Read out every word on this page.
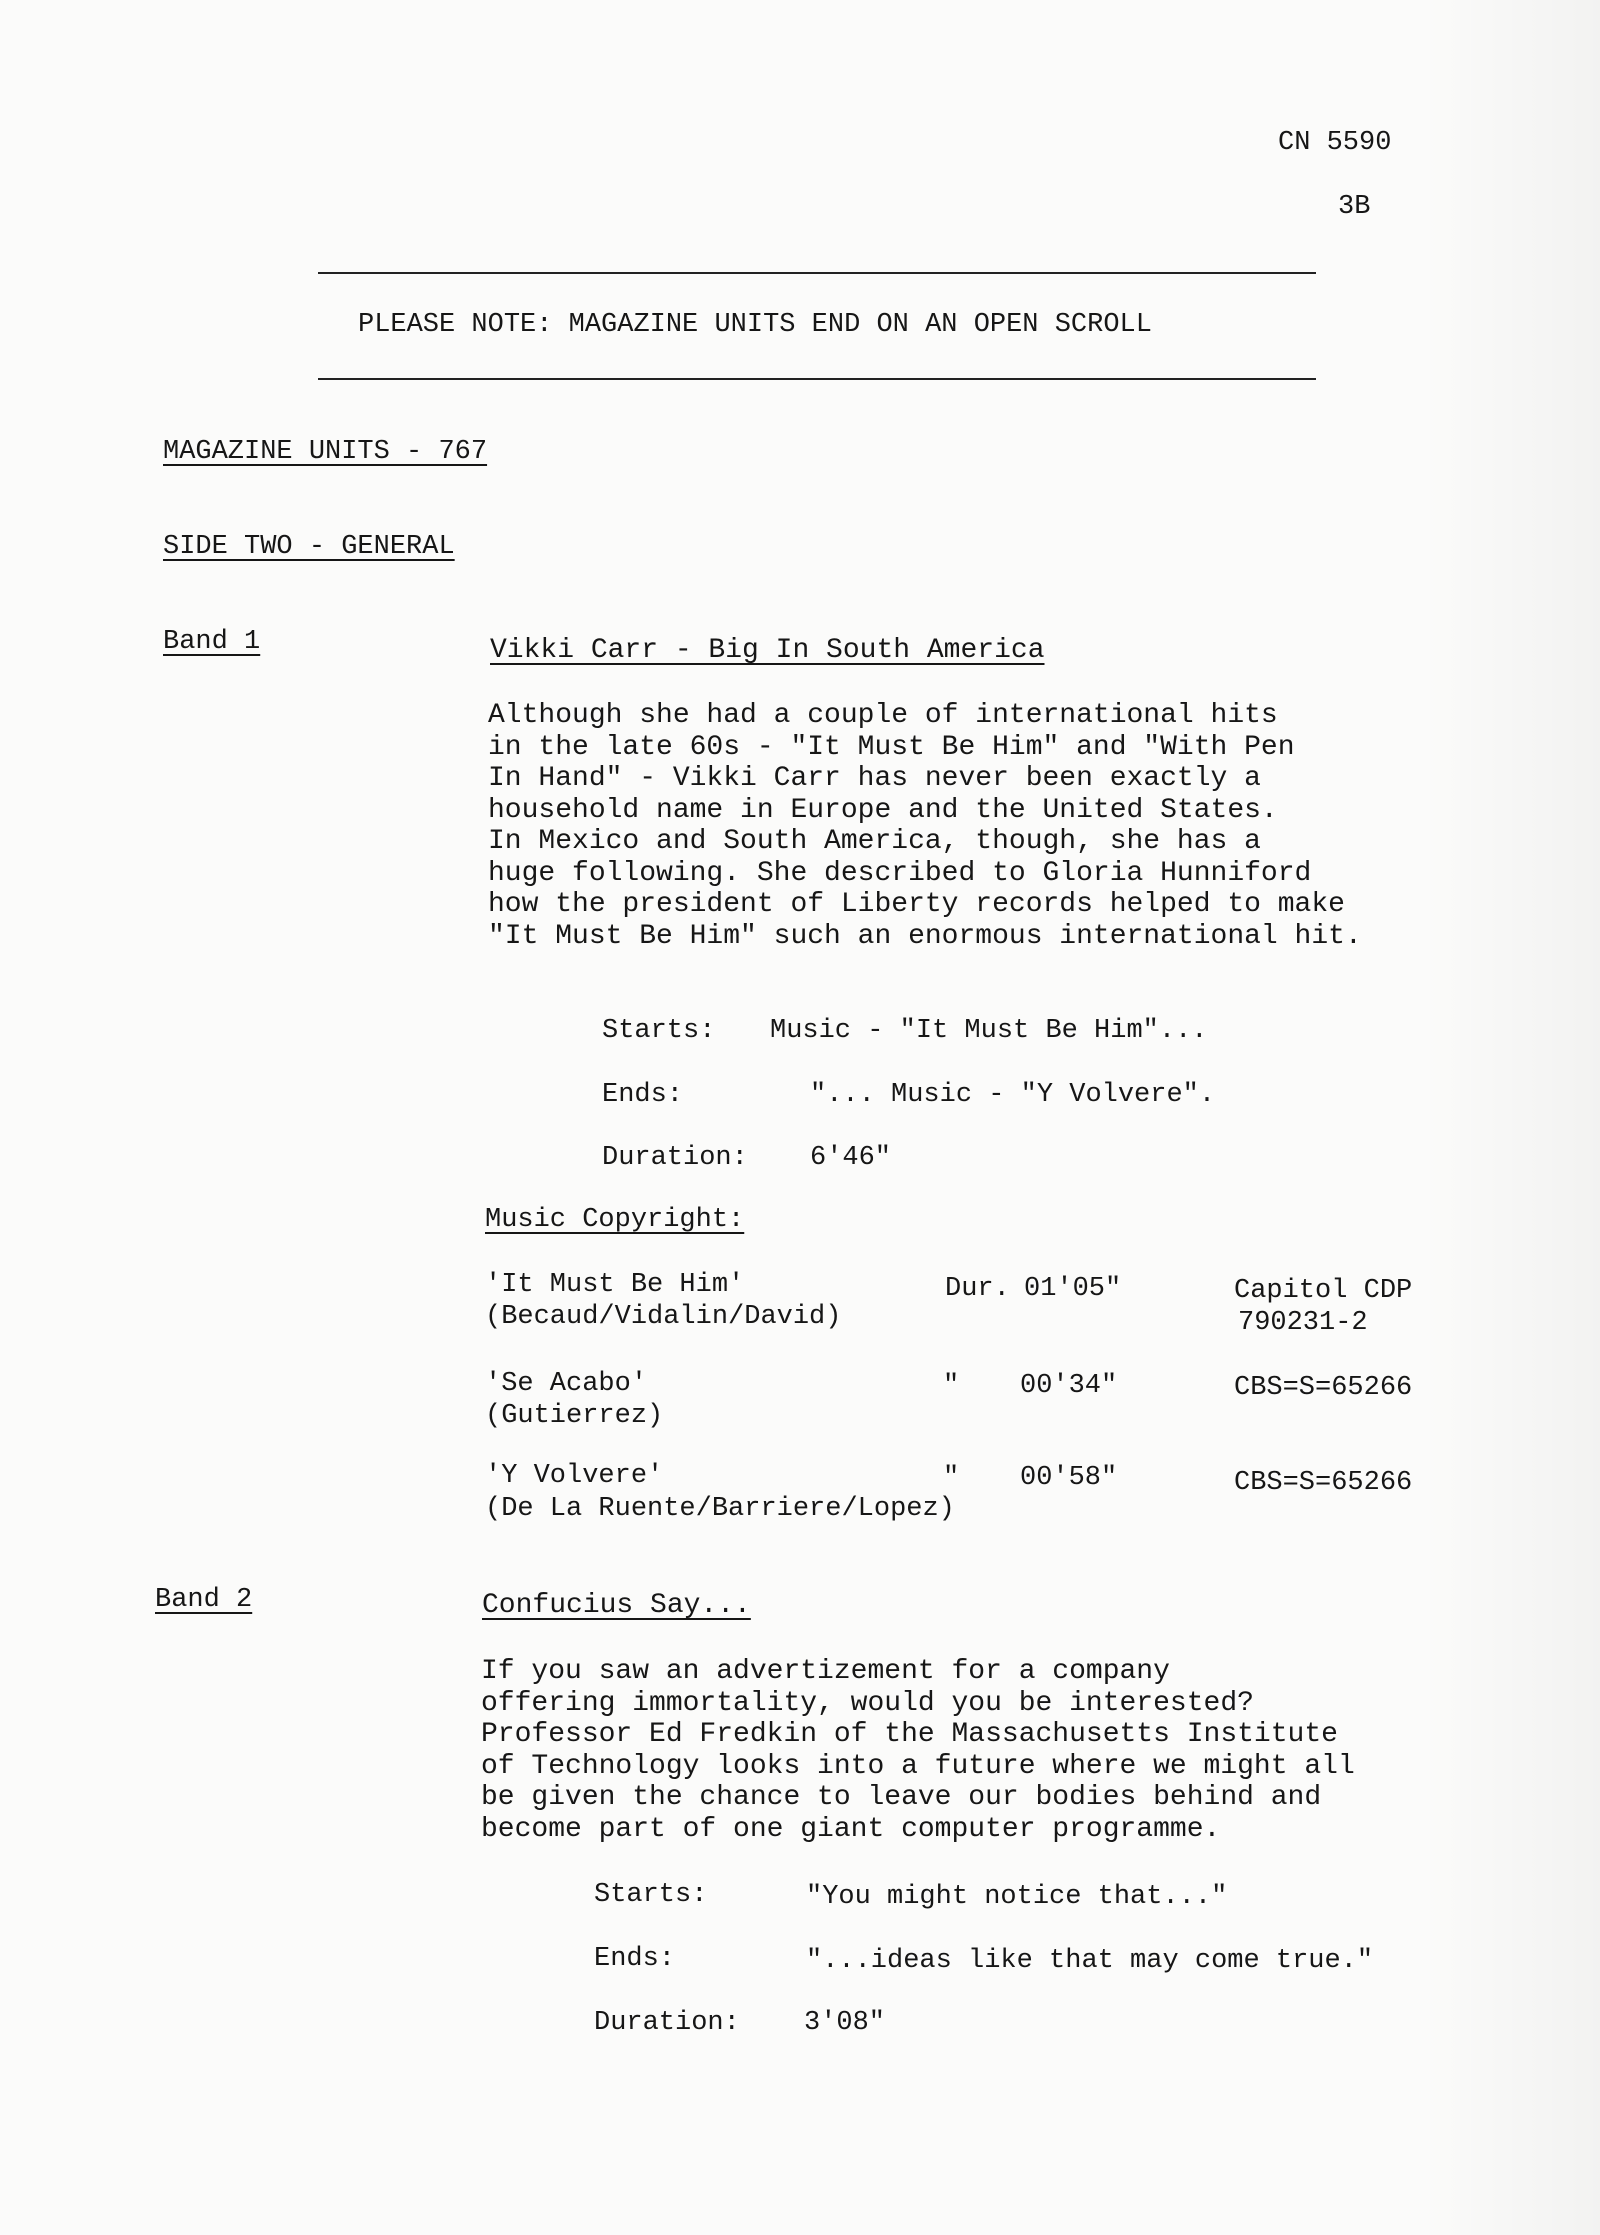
CN 5590
3B
PLEASE NOTE: MAGAZINE UNITS END ON AN OPEN SCROLL
MAGAZINE UNITS - 767
SIDE TWO - GENERAL
Band 1	Vikki Carr - Big In South America
Although she had a couple of international hits
in the late 60s - "It Must Be Him" and "With Pen
In Hand" - Vikki Carr has never been exactly a
household name in Europe and the United States.
In Mexico and South America, though, she has a
huge following. She described to Gloria Hunniford
how the president of Liberty records helped to make
"It Must Be Him" such an enormous international hit.
Starts: Music - "It Must Be Him"...
Ends:	"... Music - "Y Volvere".
Duration: 6'46"
Music Copyright:
'It Must Be Him'
(Becaud/Vidalin/David)
Dur. 01'05"	Capitol CDP
790231-2
'Se Acabo'
(Gutierrez)
" 00'34"	CBS=S=65266
'Y Volvere'
(De La Ruente/Barriere/Lopez)
" 00'58"	CBS=S=65266
Band 2	Confucius Say...
If you saw an advertizement for a company
offering immortality, would you be interested?
Professor Ed Fredkin of the Massachusetts Institute
of Technology looks into a future where we might all
be given the chance to leave our bodies behind and
become part of one giant computer programme.
Starts:	"You might notice that..."
Ends:	"...ideas like that may come true."
Duration: 3'08"
